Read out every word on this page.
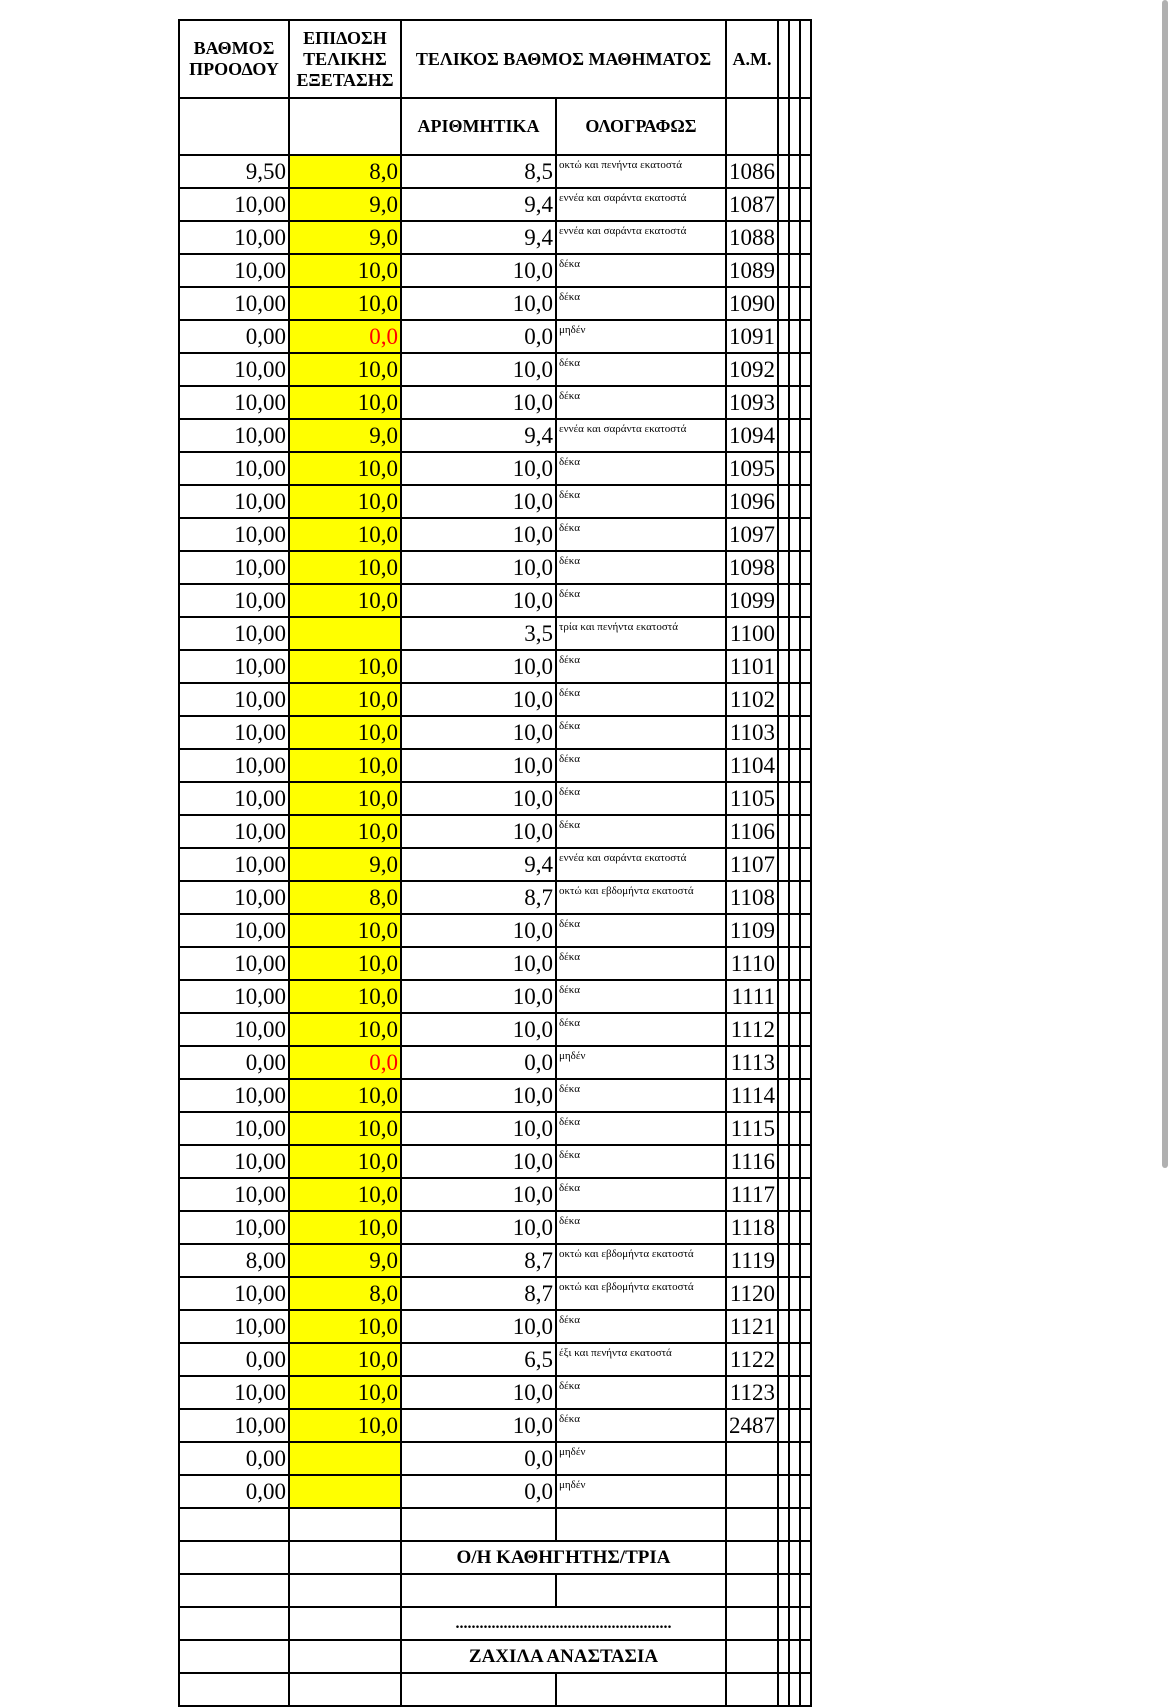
ΒΑΘΜΟΣ ΠΡΟΟΔΟΥ	ΕΠΙΔΟΣΗ ΤΕΛΙΚΗΣ ΕΞΕΤΑΣΗΣ	ΤΕΛΙΚΟΣ ΒΑΘΜΟΣ ΜΑΘΗΜΑΤΟΣ		Α.Μ.			
		ΑΡΙΘΜΗΤΙΚΑ	ΟΛΟΓΡΑΦΩΣ				
9,50	8,0	8,5	οκτώ και πενήντα εκατοστά	1086			
10,00	9,0	9,4	εννέα και σαράντα εκατοστά	1087			
10,00	9,0	9,4	εννέα και σαράντα εκατοστά	1088			
10,00	10,0	10,0	δέκα	1089			
10,00	10,0	10,0	δέκα	1090			
0,00	0,0	0,0	μηδέν	1091			
10,00	10,0	10,0	δέκα	1092			
10,00	10,0	10,0	δέκα	1093			
10,00	9,0	9,4	εννέα και σαράντα εκατοστά	1094			
10,00	10,0	10,0	δέκα	1095			
10,00	10,0	10,0	δέκα	1096			
10,00	10,0	10,0	δέκα	1097			
10,00	10,0	10,0	δέκα	1098			
10,00	10,0	10,0	δέκα	1099			
10,00		3,5	τρία και πενήντα εκατοστά	1100			
10,00	10,0	10,0	δέκα	1101			
10,00	10,0	10,0	δέκα	1102			
10,00	10,0	10,0	δέκα	1103			
10,00	10,0	10,0	δέκα	1104			
10,00	10,0	10,0	δέκα	1105			
10,00	10,0	10,0	δέκα	1106			
10,00	9,0	9,4	εννέα και σαράντα εκατοστά	1107			
10,00	8,0	8,7	οκτώ και εβδομήντα εκατοστά	1108			
10,00	10,0	10,0	δέκα	1109			
10,00	10,0	10,0	δέκα	1110			
10,00	10,0	10,0	δέκα	1111			
10,00	10,0	10,0	δέκα	1112			
0,00	0,0	0,0	μηδέν	1113			
10,00	10,0	10,0	δέκα	1114			
10,00	10,0	10,0	δέκα	1115			
10,00	10,0	10,0	δέκα	1116			
10,00	10,0	10,0	δέκα	1117			
10,00	10,0	10,0	δέκα	1118			
8,00	9,0	8,7	οκτώ και εβδομήντα εκατοστά	1119			
10,00	8,0	8,7	οκτώ και εβδομήντα εκατοστά	1120			
10,00	10,0	10,0	δέκα	1121			
0,00	10,0	6,5	έξι και πενήντα εκατοστά	1122			
10,00	10,0	10,0	δέκα	1123			
10,00	10,0	10,0	δέκα	2487			
0,00		0,0	μηδέν				
0,00		0,0	μηδέν				

		Ο/Η ΚΑΘΗΓΗΤΗΣ/ΤΡΙΑ					

		......................................................					
		ΖΑΧΙΛΑ ΑΝΑΣΤΑΣΙΑ					
